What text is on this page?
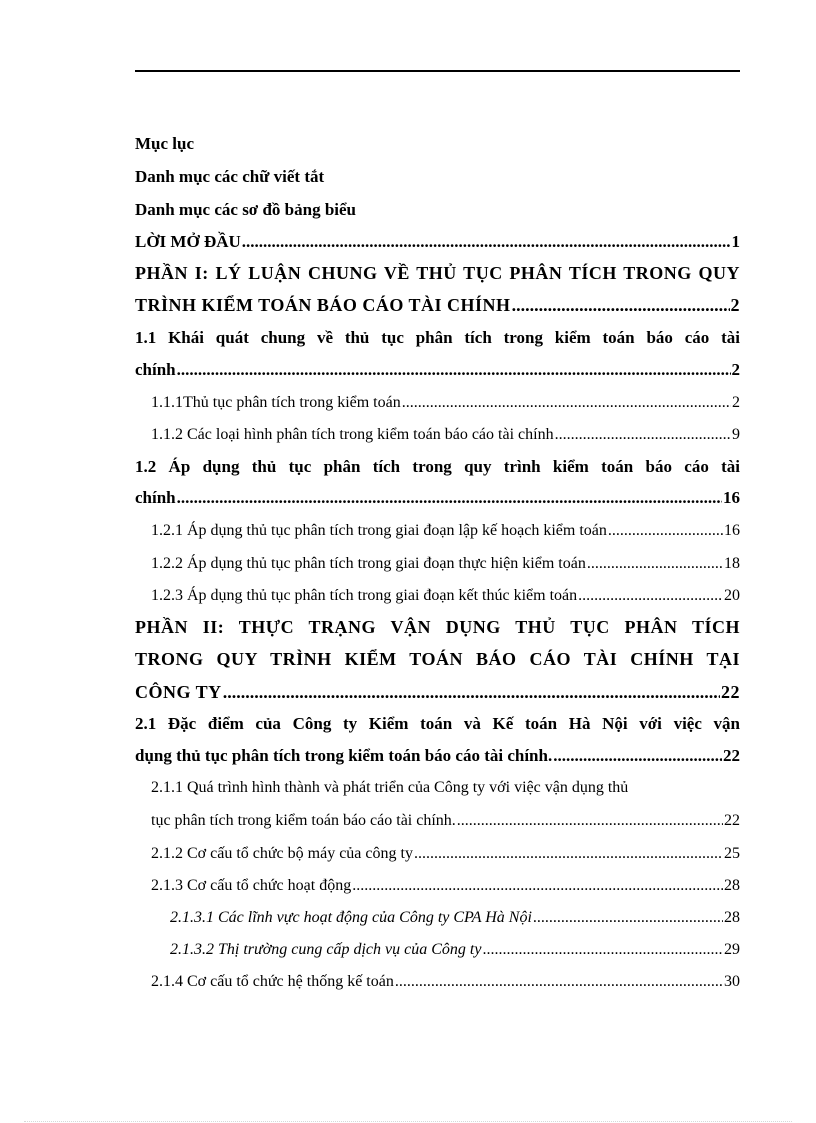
Mục lục
Danh mục các chữ viết tắt
Danh mục các sơ đồ bảng biểu
LỜI MỞ ĐẦU .....	1
PHẦN I: LÝ LUẬN CHUNG VỀ THỦ TỤC PHÂN TÍCH TRONG QUY
TRÌNH KIỂM TOÁN BÁO CÁO TÀI CHÍNH .....	2
1.1 Khái quát chung về thủ tục phân tích trong kiểm toán báo cáo tài
chính .....	2
1.1.1Thủ tục phân tích trong kiểm toán .....	2
1.1.2 Các loại hình phân tích trong kiểm toán báo cáo tài chính .....	9
1.2 Áp dụng thủ tục phân tích trong quy trình kiểm toán báo cáo tài
chính .....	16
1.2.1 Áp dụng thủ tục phân tích trong giai đoạn lập kế hoạch kiểm toán .....	16
1.2.2 Áp dụng thủ tục phân tích trong giai đoạn thực hiện kiểm toán .....	18
1.2.3 Áp dụng thủ tục phân tích trong giai đoạn kết thúc kiểm toán .....	20
PHẦN II: THỰC TRẠNG VẬN DỤNG THỦ TỤC PHÂN TÍCH
TRONG QUY TRÌNH KIỂM TOÁN BÁO CÁO TÀI CHÍNH TẠI
CÔNG TY .....	22
2.1 Đặc điểm của Công ty Kiểm toán và Kế toán Hà Nội với việc vận
dụng thủ tục phân tích trong kiểm toán báo cáo tài chính. .....	22
2.1.1 Quá trình hình thành và phát triển của Công ty với việc vận dụng thủ
tục phân tích trong kiểm toán báo cáo tài chính. .....	22
2.1.2 Cơ cấu tổ chức bộ máy của công ty .....	25
2.1.3 Cơ cấu tổ chức hoạt động .....	28
2.1.3.1 Các lĩnh vực hoạt động của Công ty CPA Hà Nội .....	28
2.1.3.2 Thị trường cung cấp dịch vụ của Công ty .....	29
2.1.4 Cơ cấu tổ chức hệ thống kế toán .....	30
